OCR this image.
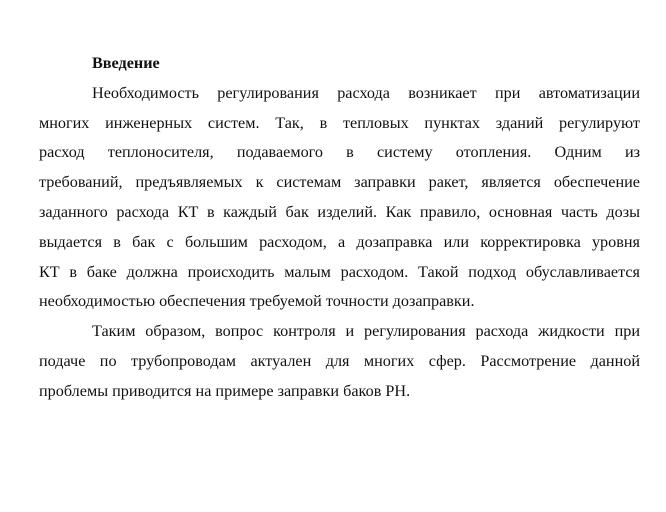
Введение
Необходимость регулирования расхода возникает при автоматизации
многих инженерных систем. Так, в тепловых пунктах зданий регулируют
расход теплоносителя, подаваемого в систему отопления. Одним из
требований, предъявляемых к системам заправки ракет, является обеспечение
заданного расхода КТ в каждый бак изделий. Как правило, основная часть дозы
выдается в бак с большим расходом, а дозаправка или корректировка уровня
КТ в баке должна происходить малым расходом. Такой подход обуславливается
необходимостью обеспечения требуемой точности дозаправки.
Таким образом, вопрос контроля и регулирования расхода жидкости при
подаче по трубопроводам актуален для многих сфер. Рассмотрение данной
проблемы приводится на примере заправки баков РН.
